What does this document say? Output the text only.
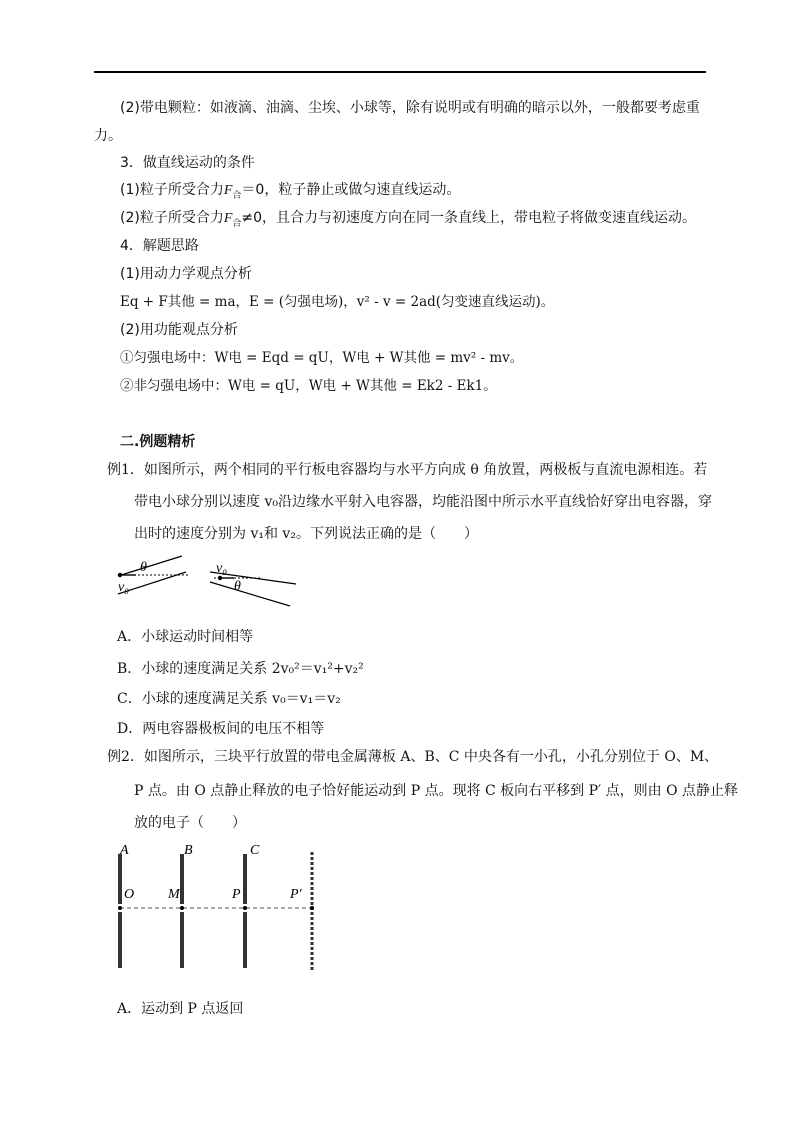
(2)带电颗粒：如液滴、油滴、尘埃、小球等，除有说明或有明确的暗示以外，一般都要考虑重
力。
3．做直线运动的条件
(1)粒子所受合力$F_合=0$，粒子静止或做匀速直线运动。
(2)粒子所受合力$F_合\ne 0$，且合力与初速度方向在同一条直线上，带电粒子将做变速直线运动。
4．解题思路
(1)用动力学观点分析
Eq + F其他 = ma，E = (匀强电场)，v² - v = 2ad(匀变速直线运动)。
(2)用功能观点分析
①匀强电场中：W电 = Eqd = qU，W电 + W其他 = mv² - mv。
②非匀强电场中：W电 = qU，W电 + W其他 = Ek2 - Ek1。
二.例题精析
例1．如图所示，两个相同的平行板电容器均与水平方向成 θ 角放置，两极板与直流电源相连。若
带电小球分别以速度 v₀沿边缘水平射入电容器，均能沿图中所示水平直线恰好穿出电容器，穿
出时的速度分别为 v₁和 v₂。下列说法正确的是（　　）
θ
v₀
v₀
θ
A．小球运动时间相等
B．小球的速度满足关系 2v₀²＝v₁²+v₂²
C．小球的速度满足关系 v₀＝v₁＝v₂
D．两电容器极板间的电压不相等
例2．如图所示，三块平行放置的带电金属薄板 A、B、C 中央各有一小孔，小孔分别位于 O、M、
P 点。由 O 点静止释放的电子恰好能运动到 P 点。现将 C 板向右平移到 P′ 点，则由 O 点静止释
放的电子（　　）
A	B	C
O M	P	P′
A．运动到 P 点返回
